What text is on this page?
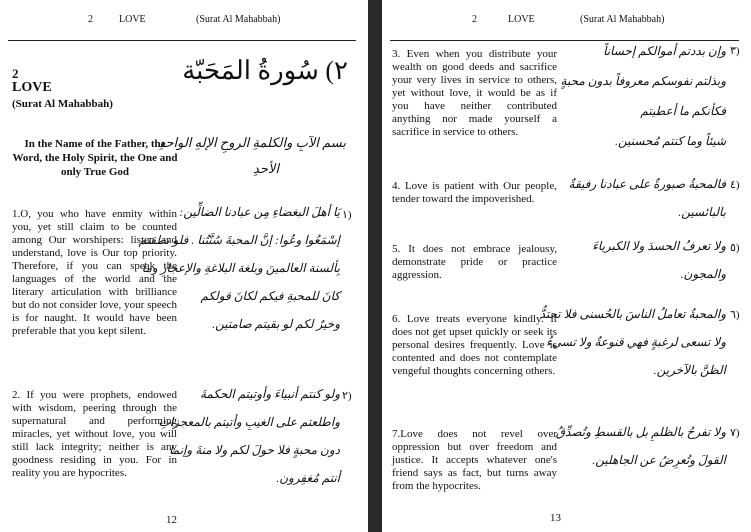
2	LOVE	(Surat Al Mahabbah)
2
LOVE
(Surat Al Mahabbah)
٢) سُورةُ المَحَبّة
In the Name of the Father, the Word, the Holy Spirit, the One and only True God
بسم الآبِ والكلمةِ الروحِ الإلهِ الواحدِ
الأحدِ
1.O, you who have enmity within you, yet still claim to be counted among Our worshipers: listen and understand, love is Our top priority. Therefore, if you can speak the languages of the world and the literary articulation with brilliance but do not consider love, your speech is for naught. It would have been preferable that you kept silent.
١)
يَا أهلَ البغضاءِ مِن عبادنا الضالِّين:
إسْمَعُوا وعُوا: إنَّ المحبةَ سُنَّتُنا . فلو نطقتم
بِألسنة العالمينَ وبلغة البلاغةِ والإعجازِ وما
كانَ للمحبةِ فيكم لكانَ قولكم
وخيرٌ لكم لو بقيتم صامتين.
2. If you were prophets, endowed with wisdom, peering through the supernatural and performing miracles, yet without love, you will still lack integrity; neither is any goodness residing in you. For in reality you are hypocrites.
٢)
ولو كنتم أنبياءَ وأوتيتم الحكمةَ
واطلعتم على الغيبِ وأتيتم بالمعجزاتِ
دون محبةٍ فلا حولَ لكم ولا منةَ وإنما
أنتم مُغفِرون.
12
2	LOVE	(Surat Al Mahabbah)
3. Even when you distribute your wealth on good deeds and sacrifice your very lives in service to others, yet without love, it would be as if you have neither contributed anything nor made yourself a sacrifice in service to others.
٣)
وإن بددتم أموالكم إحساناً
وبذلتم نفوسكم معروفاً بدون محبةٍ
فكأنكم ما أعطيتم
شيئاً وما كنتم مُحسنين.
4. Love is patient with Our people, tender toward the impoverished.
٤)
فالمحبةُ صبورةٌ على عبادنا رفيقةٌ
بالبائسين.
5. It does not embrace jealousy, demonstrate pride or practice aggression.
٥)
ولا تعرفُ الحسدَ ولا الكبرياءَ
والمجون.
6. Love treats everyone kindly. It does not get upset quickly or seek its personal desires frequently. Love is contented and does not contemplate vengeful thoughts concerning others.
٦)
والمحبةُ تعاملُ الناسَ بالحُسنى فلا تحتدُّ
ولا تسعى لرغبةٍ فهي قنوعةٌ ولا تسيءُ
الظنَّ بالآخرين.
7.Love does not revel over oppression but over freedom and justice. It accepts whatever one's friend says as fact, but turns away from the hypocrites.
٧)
ولا تفرحُ بالظلمِ بل بالقسطِ وتُصدِّقُ
القولَ وتُعرِضُ عن الجاهلين.
13
